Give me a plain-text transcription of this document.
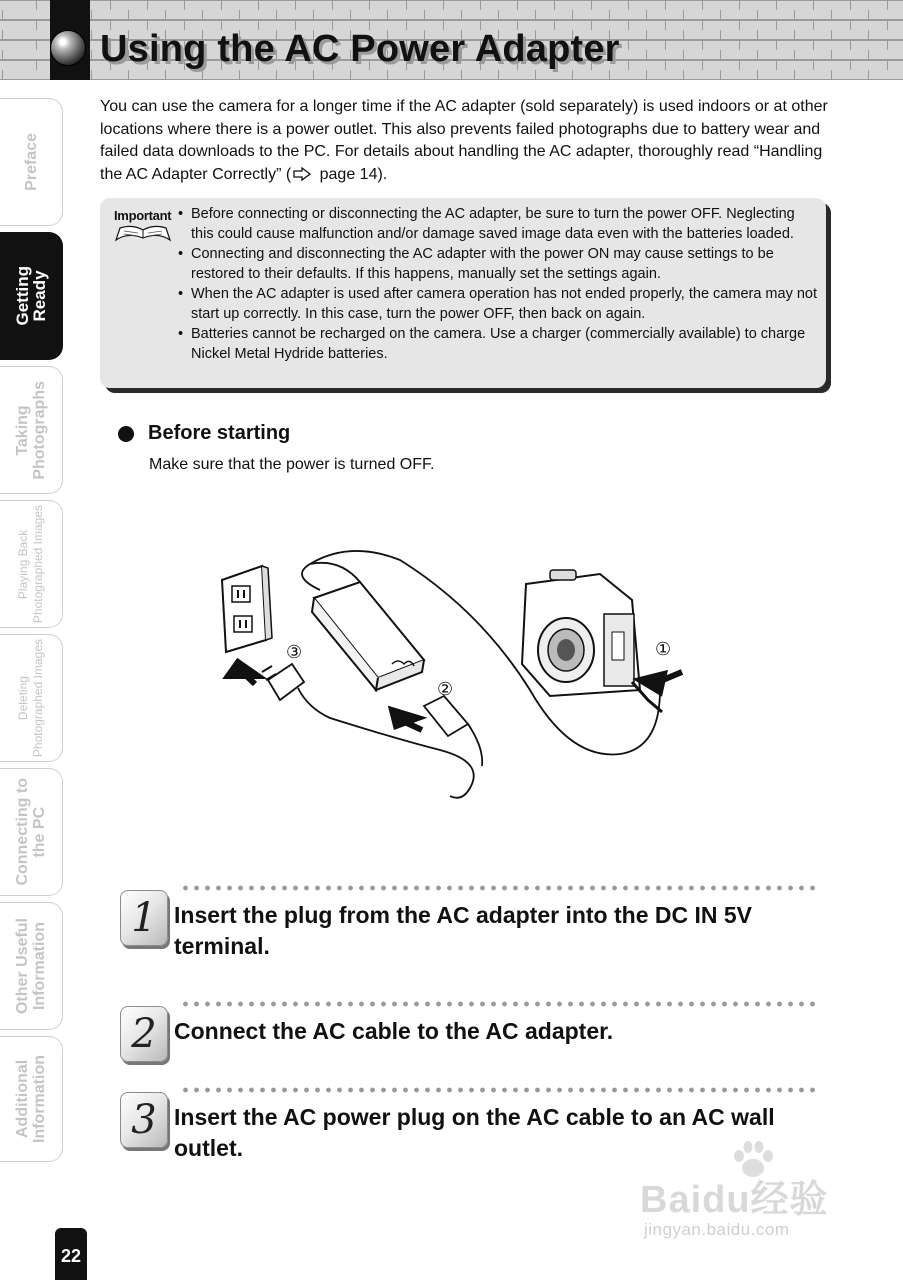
Using the AC Power Adapter
Preface
Getting
Ready
Taking
Photographs
Playing Back
Photographed Images
Deleting
Photographed Images
Connecting to
the PC
Other Useful
Information
Additional
Information

You can use the camera for a longer time if the AC adapter (sold separately) is used indoors or at other locations where there is a power outlet. This also prevents failed photographs due to battery wear and failed data downloads to the PC. For details about handling the AC adapter, thoroughly read “Handling the AC Adapter Correctly” ( page 14).

Important
•	Before connecting or disconnecting the AC adapter, be sure to turn the power OFF. Neglecting this could cause malfunction and/or damage saved image data even with the batteries loaded.
• Connecting and disconnecting the AC adapter with the power ON may cause settings to be restored to their defaults. If this happens, manually set the settings again.
• When the AC adapter is used after camera operation has not ended properly, the camera may not start up correctly. In this case, turn the power OFF, then back on again.
• Batteries cannot be recharged on the camera. Use a charger (commercially available) to charge Nickel Metal Hydride batteries.
Before starting

Make sure that the power is turned OFF.

①
②
③
1 Insert the plug from the AC adapter into the DC IN 5V terminal.
2 Connect the AC cable to the AC adapter.
3 Insert the AC power plug on the AC cable to an AC wall outlet.
Baidu经验
jingyan.baidu.com
22
